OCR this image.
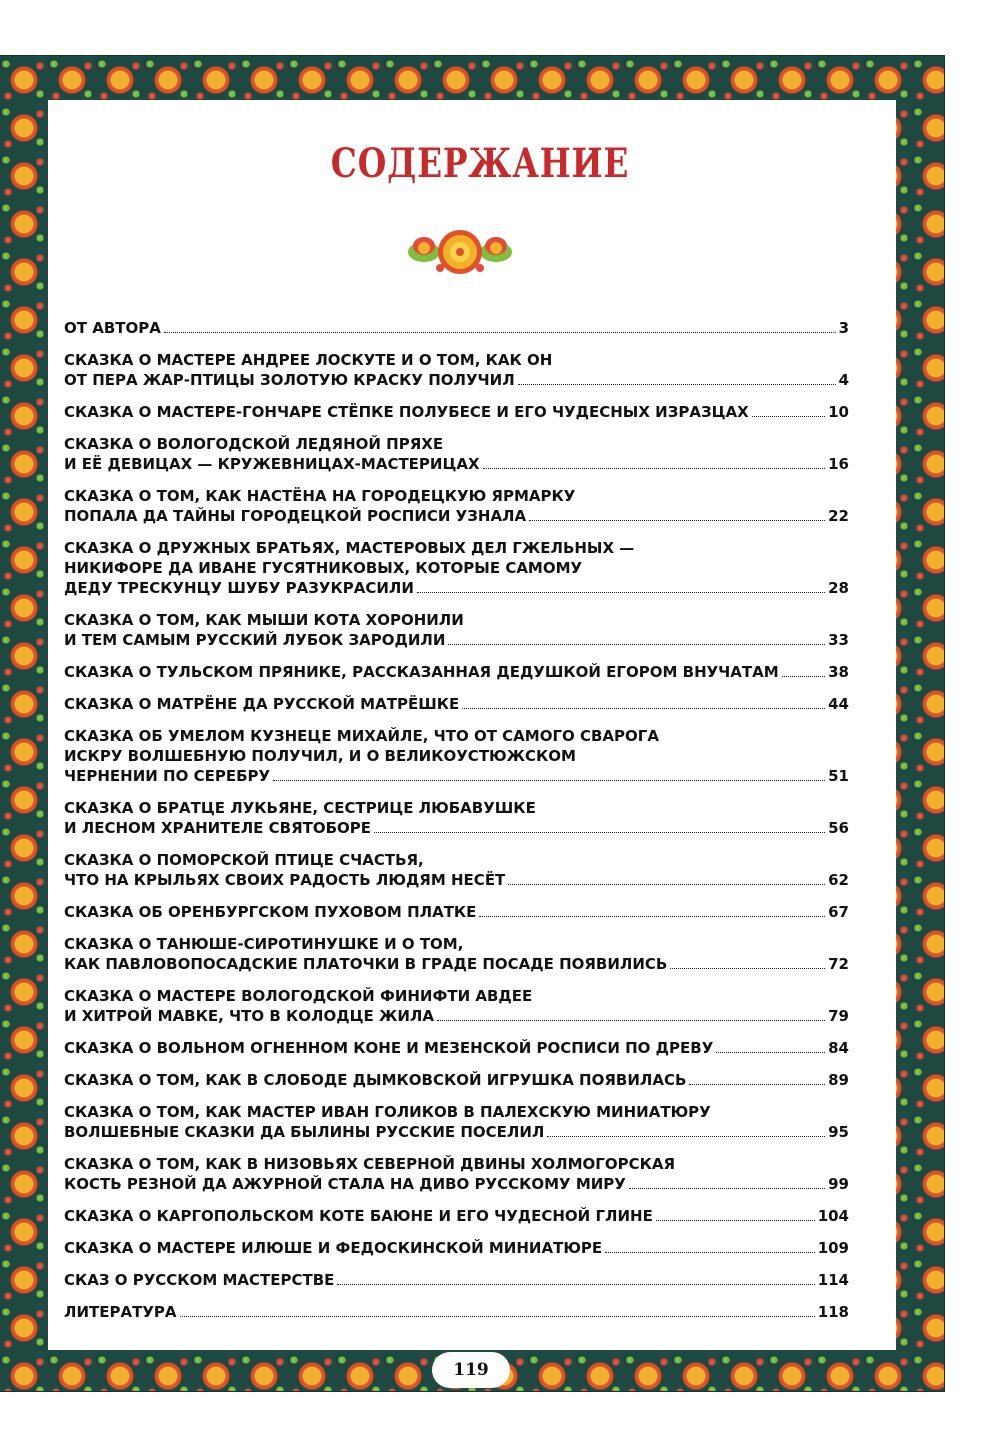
СОДЕРЖАНИЕ
ОТ АВТОРА	3
СКАЗКА О МАСТЕРЕ АНДРЕЕ ЛОСКУТЕ И О ТОМ, КАК ОН
ОТ ПЕРА ЖАР-ПТИЦЫ ЗОЛОТУЮ КРАСКУ ПОЛУЧИЛ	4
СКАЗКА О МАСТЕРЕ-ГОНЧАРЕ СТЁПКЕ ПОЛУБЕСЕ И ЕГО ЧУДЕСНЫХ ИЗРАЗЦАХ	10
СКАЗКА О ВОЛОГОДСКОЙ ЛЕДЯНОЙ ПРЯХЕ
И ЕЁ ДЕВИЦАХ — КРУЖЕВНИЦАХ-МАСТЕРИЦАХ	16
СКАЗКА О ТОМ, КАК НАСТЁНА НА ГОРОДЕЦКУЮ ЯРМАРКУ
ПОПАЛА ДА ТАЙНЫ ГОРОДЕЦКОЙ РОСПИСИ УЗНАЛА	22
СКАЗКА О ДРУЖНЫХ БРАТЬЯХ, МАСТЕРОВЫХ ДЕЛ ГЖЕЛЬНЫХ —
НИКИФОРЕ ДА ИВАНЕ ГУСЯТНИКОВЫХ, КОТОРЫЕ САМОМУ
ДЕДУ ТРЕСКУНЦУ ШУБУ РАЗУКРАСИЛИ	28
СКАЗКА О ТОМ, КАК МЫШИ КОТА ХОРОНИЛИ
И ТЕМ САМЫМ РУССКИЙ ЛУБОК ЗАРОДИЛИ	33
СКАЗКА О ТУЛЬСКОМ ПРЯНИКЕ, РАССКАЗАННАЯ ДЕДУШКОЙ ЕГОРОМ ВНУЧАТАМ	38
СКАЗКА О МАТРЁНЕ ДА РУССКОЙ МАТРЁШКЕ	44
СКАЗКА ОБ УМЕЛОМ КУЗНЕЦЕ МИХАЙЛЕ, ЧТО ОТ САМОГО СВАРОГА
ИСКРУ ВОЛШЕБНУЮ ПОЛУЧИЛ, И О ВЕЛИКОУСТЮЖСКОМ
ЧЕРНЕНИИ ПО СЕРЕБРУ	51
СКАЗКА О БРАТЦЕ ЛУКЬЯНЕ, СЕСТРИЦЕ ЛЮБАВУШКЕ
И ЛЕСНОМ ХРАНИТЕЛЕ СВЯТОБОРЕ	56
СКАЗКА О ПОМОРСКОЙ ПТИЦЕ СЧАСТЬЯ,
ЧТО НА КРЫЛЬЯХ СВОИХ РАДОСТЬ ЛЮДЯМ НЕСЁТ	62
СКАЗКА ОБ ОРЕНБУРГСКОМ ПУХОВОМ ПЛАТКЕ	67
СКАЗКА О ТАНЮШЕ-СИРОТИНУШКЕ И О ТОМ,
КАК ПАВЛОВОПОСАДСКИЕ ПЛАТОЧКИ В ГРАДЕ ПОСАДЕ ПОЯВИЛИСЬ	72
СКАЗКА О МАСТЕРЕ ВОЛОГОДСКОЙ ФИНИФТИ АВДЕЕ
И ХИТРОЙ МАВКЕ, ЧТО В КОЛОДЦЕ ЖИЛА	79
СКАЗКА О ВОЛЬНОМ ОГНЕННОМ КОНЕ И МЕЗЕНСКОЙ РОСПИСИ ПО ДРЕВУ	84
СКАЗКА О ТОМ, КАК В СЛОБОДЕ ДЫМКОВСКОЙ ИГРУШКА ПОЯВИЛАСЬ	89
СКАЗКА О ТОМ, КАК МАСТЕР ИВАН ГОЛИКОВ В ПАЛЕХСКУЮ МИНИАТЮРУ
ВОЛШЕБНЫЕ СКАЗКИ ДА БЫЛИНЫ РУССКИЕ ПОСЕЛИЛ	95
СКАЗКА О ТОМ, КАК В НИЗОВЬЯХ СЕВЕРНОЙ ДВИНЫ ХОЛМОГОРСКАЯ
КОСТЬ РЕЗНОЙ ДА АЖУРНОЙ СТАЛА НА ДИВО РУССКОМУ МИРУ	99
СКАЗКА О КАРГОПОЛЬСКОМ КОТЕ БАЮНЕ И ЕГО ЧУДЕСНОЙ ГЛИНЕ	104
СКАЗКА О МАСТЕРЕ ИЛЮШЕ И ФЕДОСКИНСКОЙ МИНИАТЮРЕ	109
СКАЗ О РУССКОМ МАСТЕРСТВЕ	114
ЛИТЕРАТУРА	118
119
